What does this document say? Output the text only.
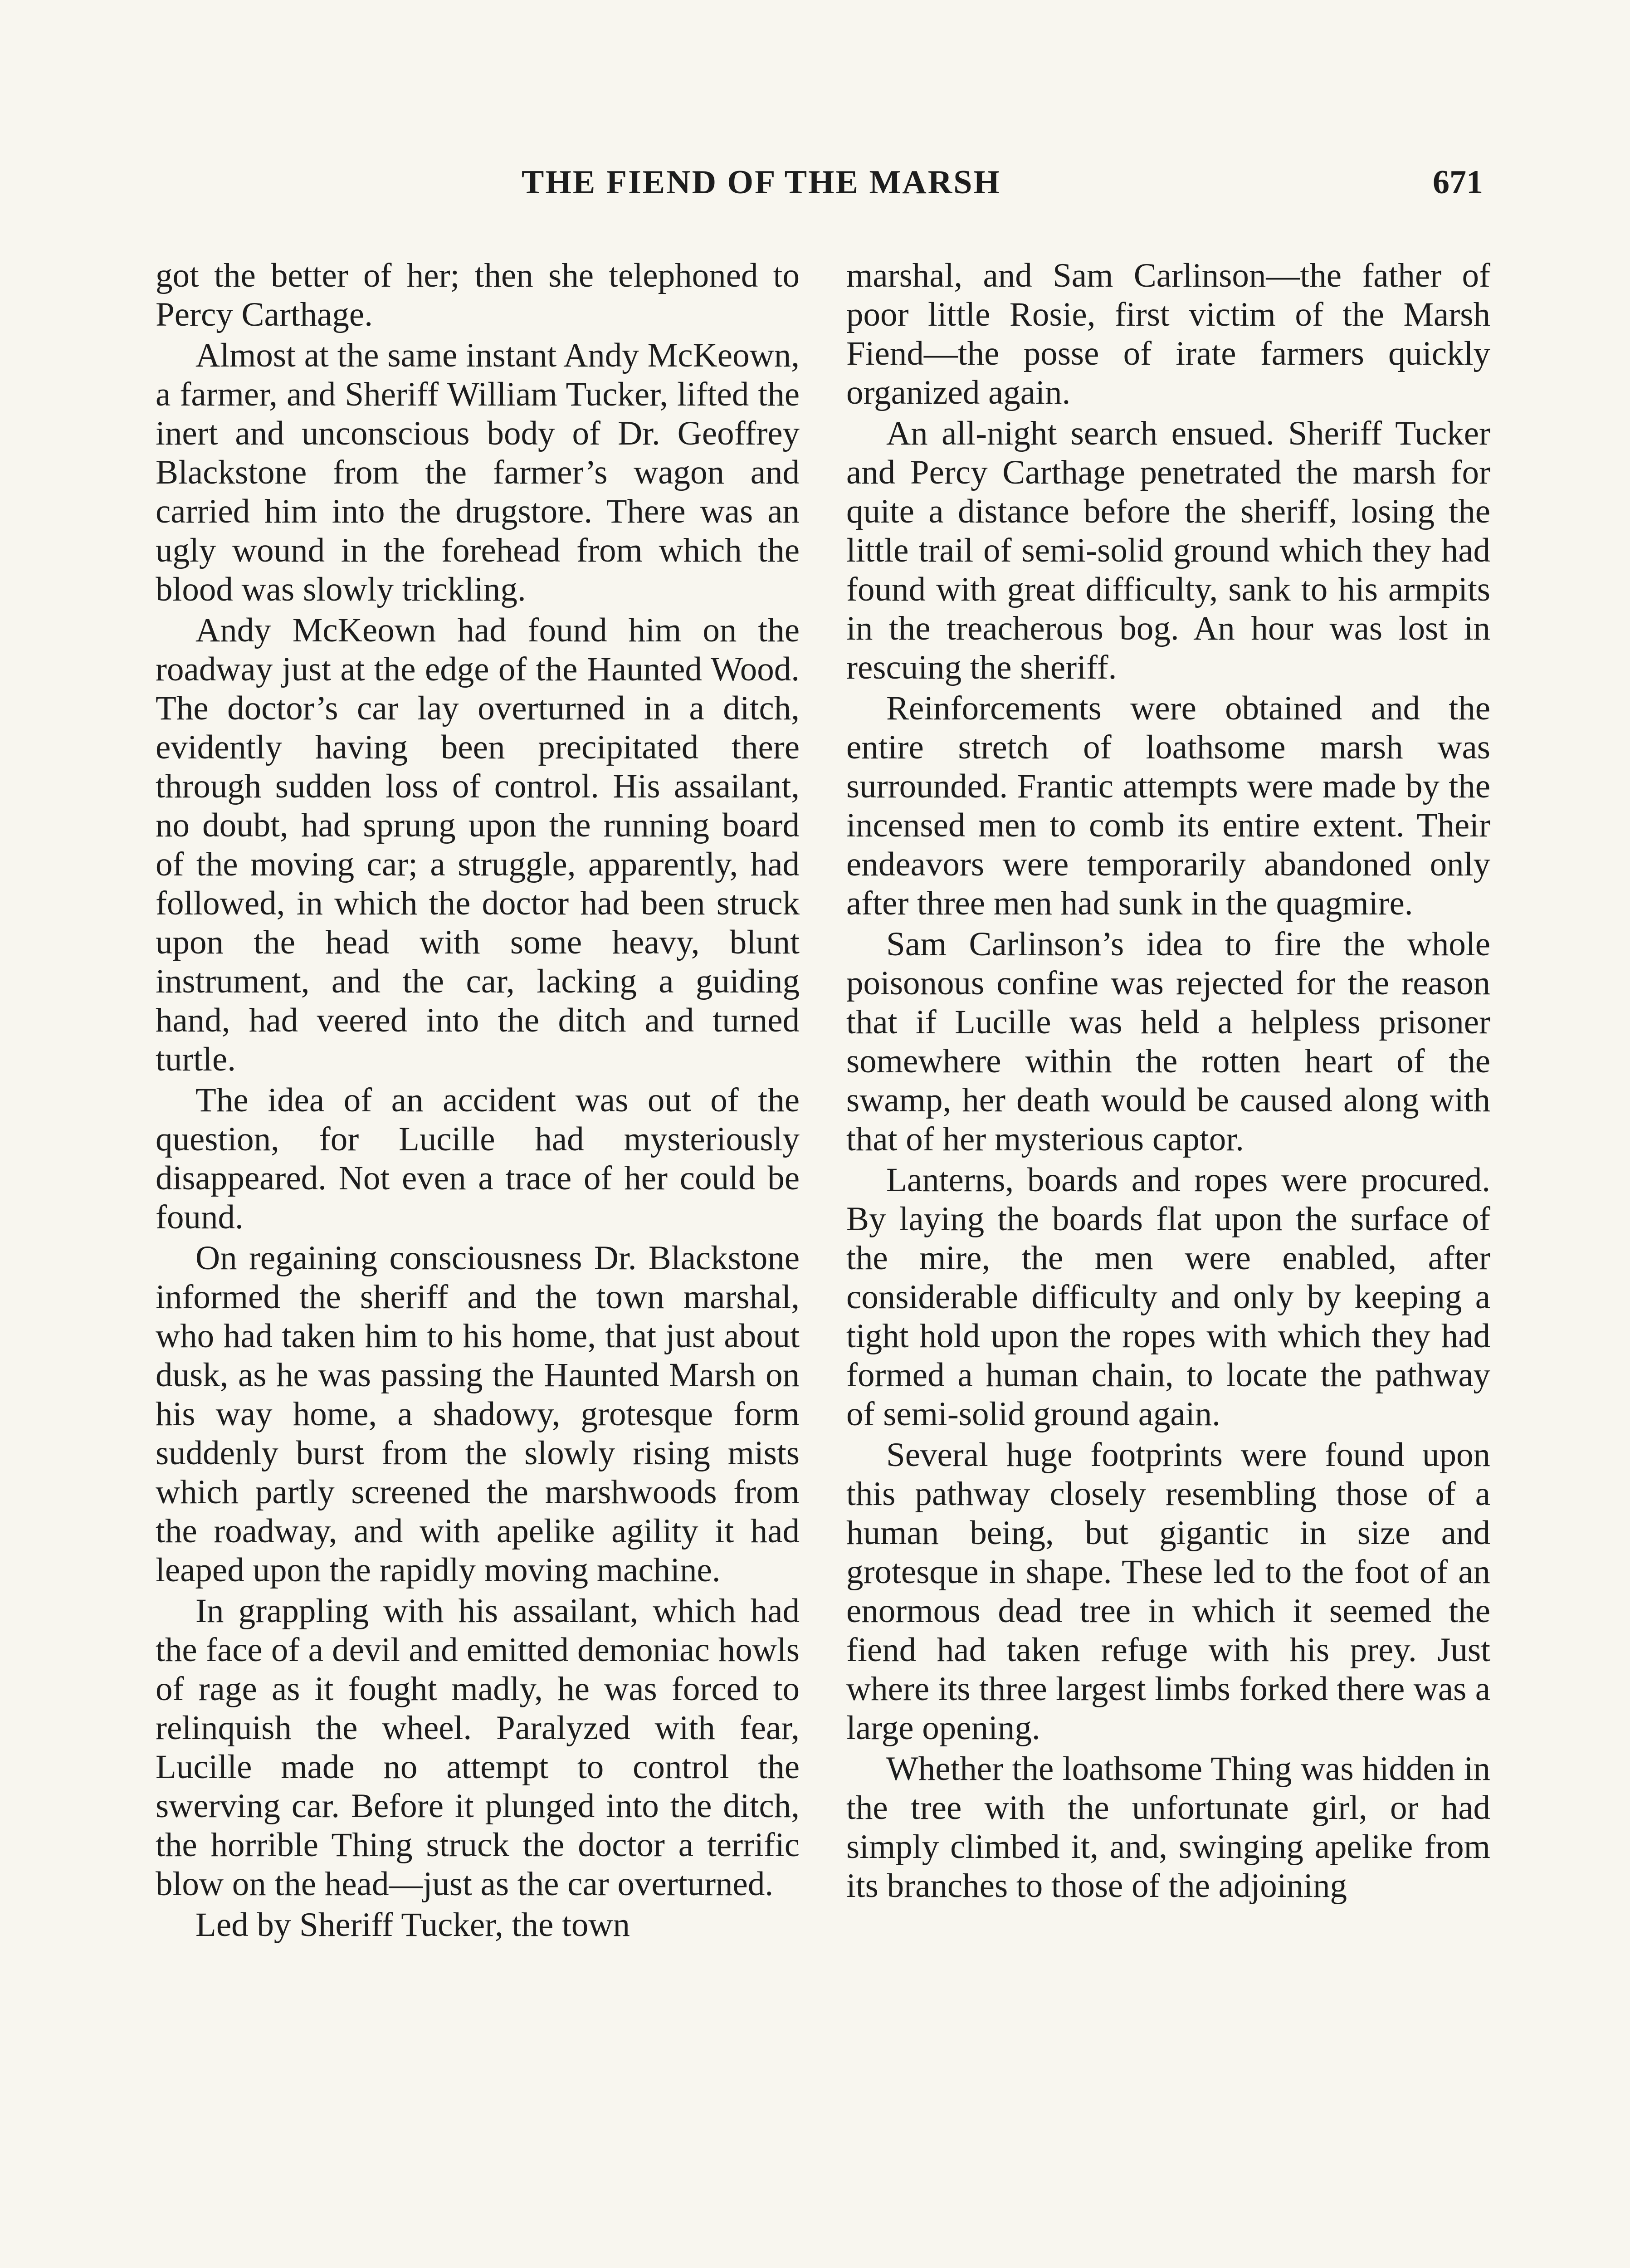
THE FIEND OF THE MARSH	671

got the better of her; then she telephoned to Percy Carthage.

Almost at the same instant Andy McKeown, a farmer, and Sheriff William Tucker, lifted the inert and unconscious body of Dr. Geoffrey Blackstone from the farmer’s wagon and carried him into the drugstore. There was an ugly wound in the forehead from which the blood was slowly trickling.

Andy McKeown had found him on the roadway just at the edge of the Haunted Wood. The doctor’s car lay overturned in a ditch, evidently having been precipitated there through sudden loss of control. His assailant, no doubt, had sprung upon the running board of the moving car; a struggle, apparently, had followed, in which the doctor had been struck upon the head with some heavy, blunt instrument, and the car, lacking a guiding hand, had veered into the ditch and turned turtle.

The idea of an accident was out of the question, for Lucille had mysteriously disappeared. Not even a trace of her could be found.

On regaining consciousness Dr. Blackstone informed the sheriff and the town marshal, who had taken him to his home, that just about dusk, as he was passing the Haunted Marsh on his way home, a shadowy, grotesque form suddenly burst from the slowly rising mists which partly screened the marshwoods from the roadway, and with apelike agility it had leaped upon the rapidly moving machine.

In grappling with his assailant, which had the face of a devil and emitted demoniac howls of rage as it fought madly, he was forced to relinquish the wheel. Paralyzed with fear, Lucille made no attempt to control the swerving car. Before it plunged into the ditch, the horrible Thing struck the doctor a terrific blow on the head—just as the car overturned.

Led by Sheriff Tucker, the town

marshal, and Sam Carlinson—the father of poor little Rosie, first victim of the Marsh Fiend—the posse of irate farmers quickly organized again.

An all-night search ensued. Sheriff Tucker and Percy Carthage penetrated the marsh for quite a distance before the sheriff, losing the little trail of semi-solid ground which they had found with great difficulty, sank to his armpits in the treacherous bog. An hour was lost in rescuing the sheriff.

Reinforcements were obtained and the entire stretch of loathsome marsh was surrounded. Frantic attempts were made by the incensed men to comb its entire extent. Their endeavors were temporarily abandoned only after three men had sunk in the quagmire.

Sam Carlinson’s idea to fire the whole poisonous confine was rejected for the reason that if Lucille was held a helpless prisoner somewhere within the rotten heart of the swamp, her death would be caused along with that of her mysterious captor.

Lanterns, boards and ropes were procured. By laying the boards flat upon the surface of the mire, the men were enabled, after considerable difficulty and only by keeping a tight hold upon the ropes with which they had formed a human chain, to locate the pathway of semi-solid ground again.

Several huge footprints were found upon this pathway closely resembling those of a human being, but gigantic in size and grotesque in shape. These led to the foot of an enormous dead tree in which it seemed the fiend had taken refuge with his prey. Just where its three largest limbs forked there was a large opening.

Whether the loathsome Thing was hidden in the tree with the unfortunate girl, or had simply climbed it, and, swinging apelike from its branches to those of the adjoining
